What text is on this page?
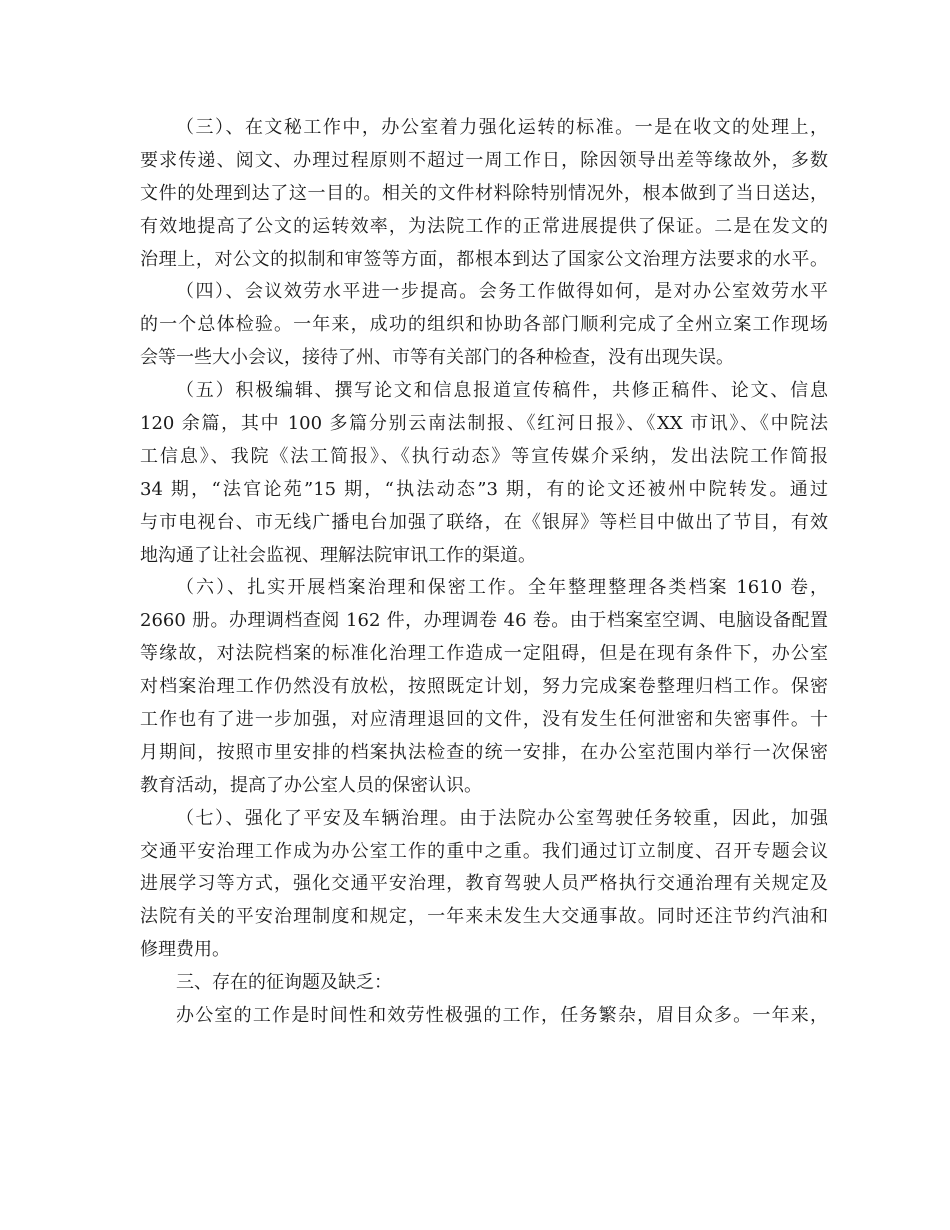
（三）、在文秘工作中，办公室着力强化运转的标准。一是在收文的处理上，
要求传递、阅文、办理过程原则不超过一周工作日，除因领导出差等缘故外，多数
文件的处理到达了这一目的。相关的文件材料除特别情况外，根本做到了当日送达，
有效地提高了公文的运转效率，为法院工作的正常进展提供了保证。二是在发文的
治理上，对公文的拟制和审签等方面，都根本到达了国家公文治理方法要求的水平。
（四）、会议效劳水平进一步提高。会务工作做得如何，是对办公室效劳水平
的一个总体检验。一年来，成功的组织和协助各部门顺利完成了全州立案工作现场
会等一些大小会议，接待了州、市等有关部门的各种检查，没有出现失误。
（五）积极编辑、撰写论文和信息报道宣传稿件，共修正稿件、论文、信息
120 余篇，其中 100 多篇分别云南法制报、《红河日报》、《XX 市讯》、《中院法
工信息》、我院《法工简报》、《执行动态》等宣传媒介采纳，发出法院工作简报
34 期，“法官论苑”15 期，“执法动态”3 期，有的论文还被州中院转发。通过
与市电视台、市无线广播电台加强了联络，在《银屏》等栏目中做出了节目，有效
地沟通了让社会监视、理解法院审讯工作的渠道。
（六）、扎实开展档案治理和保密工作。全年整理整理各类档案 1610 卷，
2660 册。办理调档查阅 162 件，办理调卷 46 卷。由于档案室空调、电脑设备配置
等缘故，对法院档案的标准化治理工作造成一定阻碍，但是在现有条件下，办公室
对档案治理工作仍然没有放松，按照既定计划，努力完成案卷整理归档工作。保密
工作也有了进一步加强，对应清理退回的文件，没有发生任何泄密和失密事件。十
月期间，按照市里安排的档案执法检查的统一安排，在办公室范围内举行一次保密
教育活动，提高了办公室人员的保密认识。
（七）、强化了平安及车辆治理。由于法院办公室驾驶任务较重，因此，加强
交通平安治理工作成为办公室工作的重中之重。我们通过订立制度、召开专题会议
进展学习等方式，强化交通平安治理，教育驾驶人员严格执行交通治理有关规定及
法院有关的平安治理制度和规定，一年来未发生大交通事故。同时还注节约汽油和
修理费用。
三、存在的征询题及缺乏：
办公室的工作是时间性和效劳性极强的工作，任务繁杂，眉目众多。一年来，
